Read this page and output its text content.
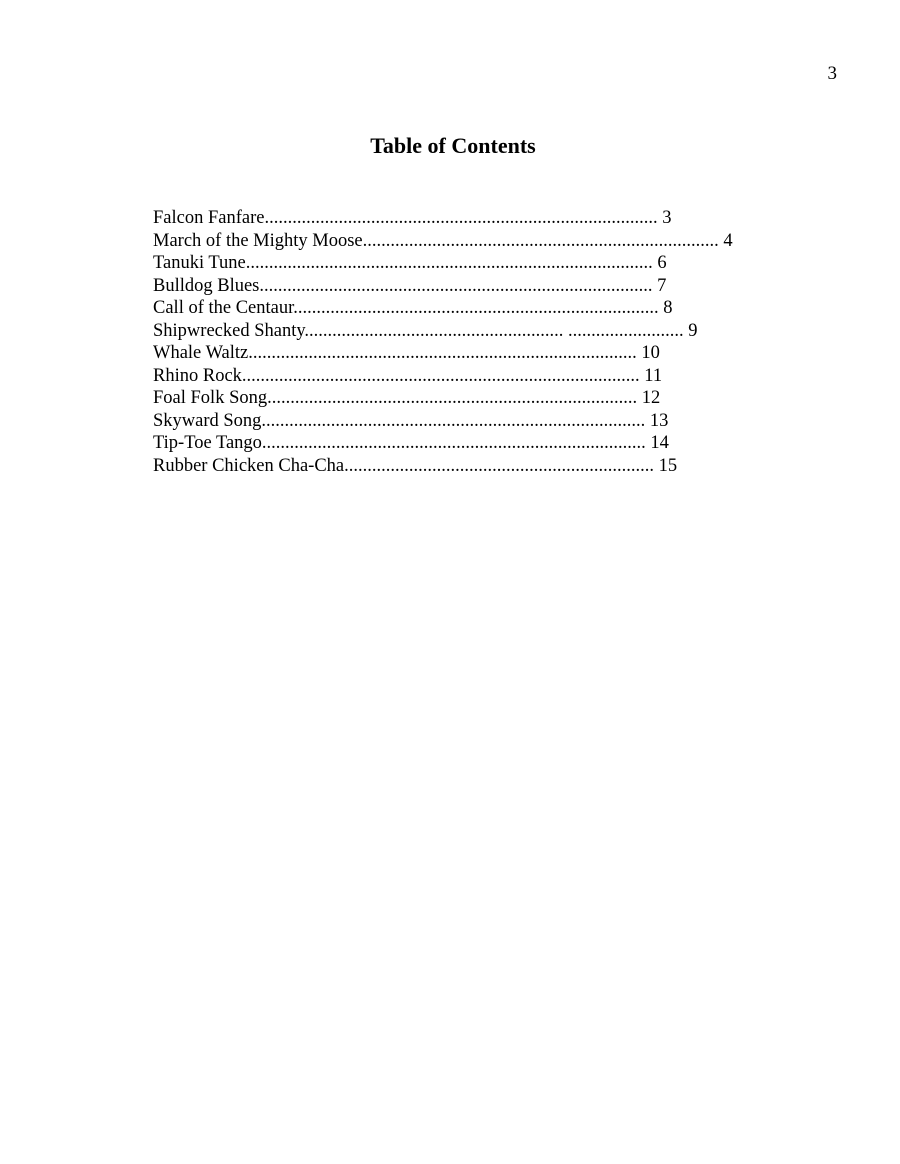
3
Table of Contents
Falcon Fanfare..................................................................................... 3
March of the Mighty Moose............................................................................. 4
Tanuki Tune........................................................................................ 6
Bulldog Blues..................................................................................... 7
Call of the Centaur............................................................................... 8
Shipwrecked Shanty........................................................ ......................... 9
Whale Waltz.................................................................................... 10
Rhino Rock...................................................................................... 11
Foal Folk Song................................................................................ 12
Skyward Song................................................................................... 13
Tip-Toe Tango................................................................................... 14
Rubber Chicken Cha-Cha................................................................... 15
